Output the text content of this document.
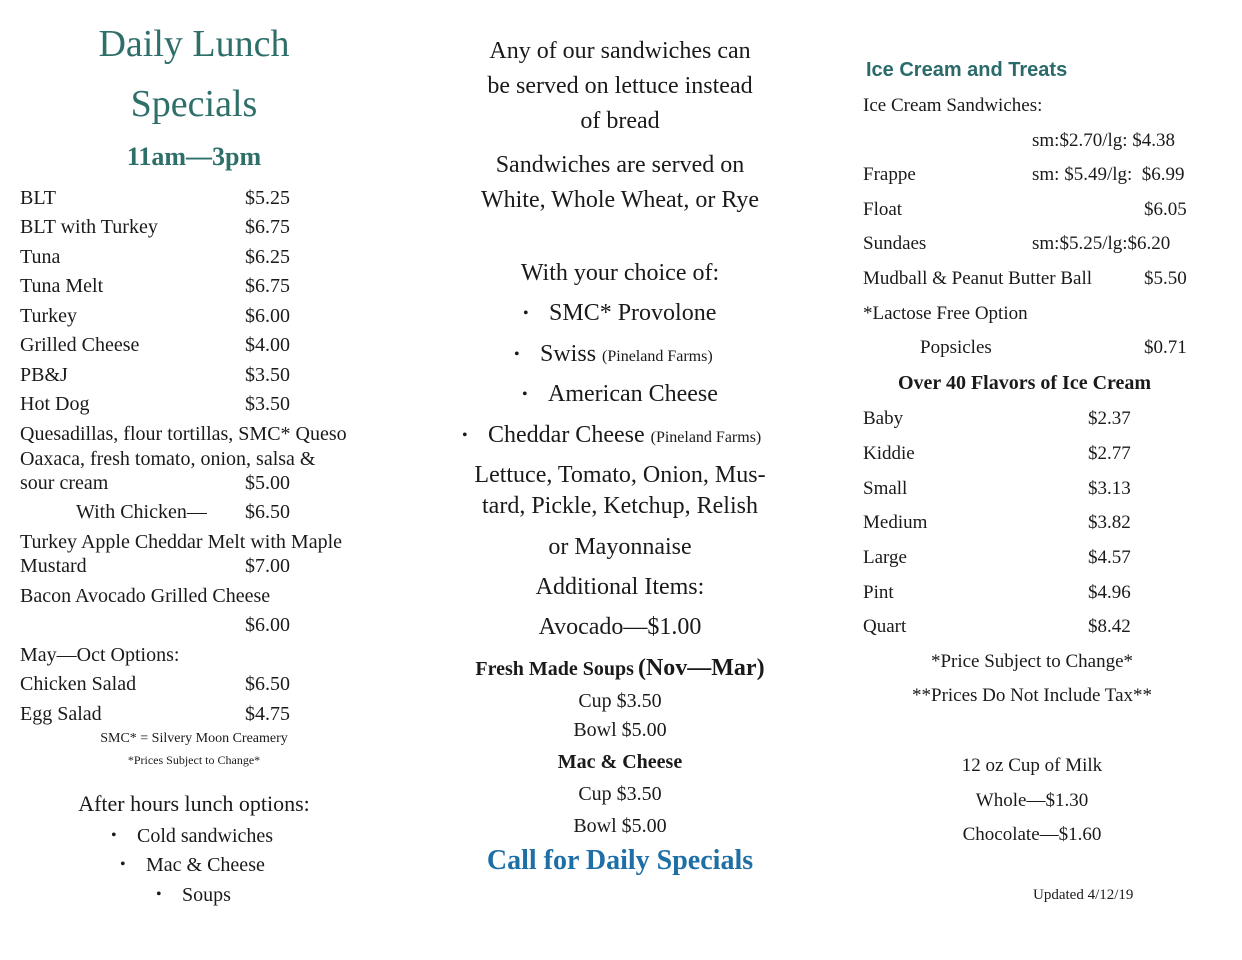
Daily Lunch
Specials
11am—3pm
BLT	$5.25
BLT with Turkey	$6.75
Tuna	$6.25
Tuna Melt	$6.75
Turkey	$6.00
Grilled Cheese	$4.00
PB&J	$3.50
Hot Dog	$3.50
Quesadillas, flour tortillas, SMC* Queso
Oaxaca, fresh tomato, onion, salsa &
sour cream	$5.00
With Chicken— $6.50
Turkey Apple Cheddar Melt with Maple
Mustard	$7.00
Bacon Avocado Grilled Cheese
$6.00
May—Oct Options:
Chicken Salad	$6.50
Egg Salad	$4.75
SMC* = Silvery Moon Creamery
*Prices Subject to Change*
After hours lunch options:
• Cold sandwiches
• Mac & Cheese
• Soups
Any of our sandwiches can
be served on lettuce instead
of bread
Sandwiches are served on
White, Whole Wheat, or Rye
With your choice of:
• SMC* Provolone
• Swiss (Pineland Farms)
• American Cheese
• Cheddar Cheese (Pineland Farms)
Lettuce, Tomato, Onion, Mus-
tard, Pickle, Ketchup, Relish
or Mayonnaise
Additional Items:
Avocado—$1.00
Fresh Made Soups (Nov—Mar)
Cup $3.50
Bowl $5.00
Mac & Cheese
Cup $3.50
Bowl $5.00
Call for Daily Specials
Ice Cream and Treats
Ice Cream Sandwiches:
sm:$2.70/lg: $4.38
Frappe	sm: $5.49/lg:  $6.99
Float	$6.05
Sundaes	sm:$5.25/lg:$6.20
Mudball & Peanut Butter Ball	$5.50
*Lactose Free Option
Popsicles	$0.71
Over 40 Flavors of Ice Cream
Baby	$2.37
Kiddie	$2.77
Small	$3.13
Medium	$3.82
Large	$4.57
Pint	$4.96
Quart	$8.42
*Price Subject to Change*
**Prices Do Not Include Tax**
12 oz Cup of Milk
Whole—$1.30
Chocolate—$1.60
Updated 4/12/19
